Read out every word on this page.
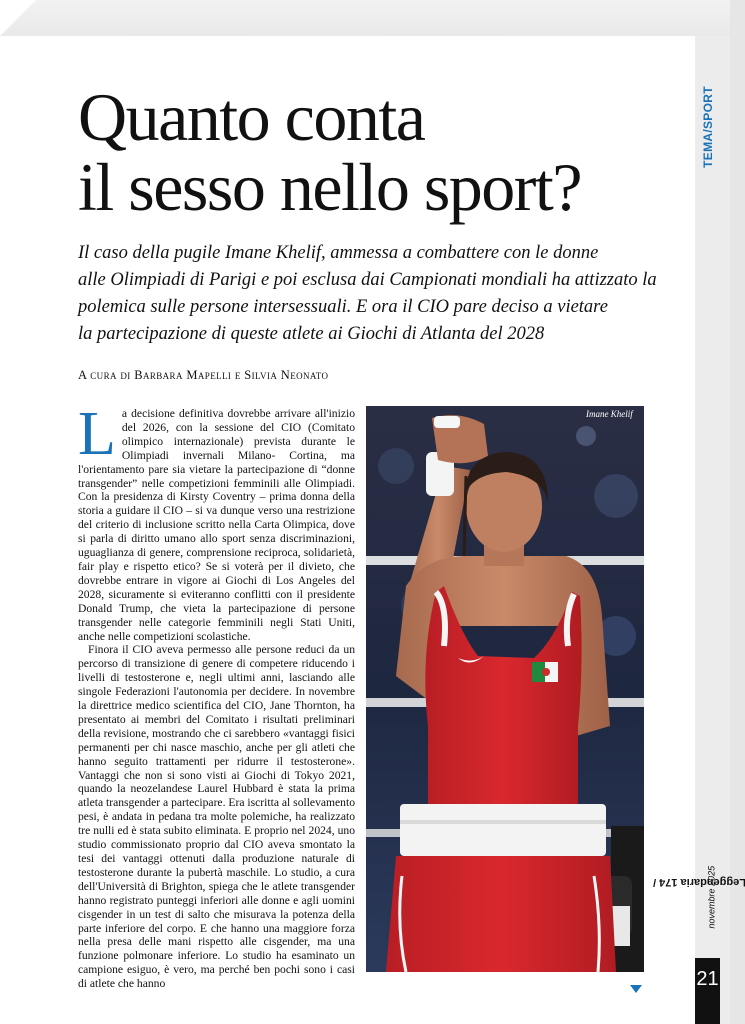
TEMA/SPORT
Quanto conta
il sesso nello sport?
Il caso della pugile Imane Khelif, ammessa a combattere con le donne
alle Olimpiadi di Parigi e poi esclusa dai Campionati mondiali ha attizzato la
polemica sulle persone intersessuali. E ora il CIO pare deciso a vietare
la partecipazione di queste atlete ai Giochi di Atlanta del 2028
A cura di Barbara Mapelli e Silvia Neonato

La decisione definitiva dovrebbe arrivare all'inizio del 2026, con la sessione del CIO (Comitato olimpico internazionale) prevista durante le Olimpiadi invernali Milano- Cortina, ma l'orientamento pare sia vietare la partecipazione di “donne transgender” nelle competizioni femminili alle Olimpiadi. Con la presidenza di Kirsty Coventry – prima donna della storia a guidare il CIO – si va dunque verso una restrizione del criterio di inclusione scritto nella Carta Olimpica, dove si parla di diritto umano allo sport senza discriminazioni, uguaglianza di genere, comprensione reciproca, solidarietà, fair play e rispetto etico? Se si voterà per il divieto, che dovrebbe entrare in vigore ai Giochi di Los Angeles del 2028, sicuramente si eviteranno conflitti con il presidente Donald Trump, che vieta la partecipazione di persone transgender nelle categorie femminili negli Stati Uniti, anche nelle competizioni scolastiche.

Finora il CIO aveva permesso alle persone reduci da un percorso di transizione di genere di competere riducendo i livelli di testosterone e, negli ultimi anni, lasciando alle singole Federazioni l'autonomia per decidere. In novembre la direttrice medico scientifica del CIO, Jane Thornton, ha presentato ai membri del Comitato i risultati preliminari della revisione, mostrando che ci sarebbero «vantaggi fisici permanenti per chi nasce maschio, anche per gli atleti che hanno seguito trattamenti per ridurre il testosterone». Vantaggi che non si sono visti ai Giochi di Tokyo 2021, quando la neozelandese Laurel Hubbard è stata la prima atleta transgender a partecipare. Era iscritta al sollevamento pesi, è andata in pedana tra molte polemiche, ha realizzato tre nulli ed è stata subito eliminata. E proprio nel 2024, uno studio commissionato proprio dal CIO aveva smontato la tesi dei vantaggi ottenuti dalla produzione naturale di testosterone durante la pubertà maschile. Lo studio, a cura dell'Università di Brighton, spiega che le atlete transgender hanno registrato punteggi inferiori alle donne e agli uomini cisgender in un test di salto che misurava la potenza della parte inferiore del corpo. E che hanno una maggiore forza nella presa delle mani rispetto alle cisgender, ma una funzione polmonare inferiore. Lo studio ha esaminato un campione esiguo, è vero, ma perché ben pochi sono i casi di atlete che hanno

Imane Khelif
Leggendaria 174 /
novembre 2025
21
